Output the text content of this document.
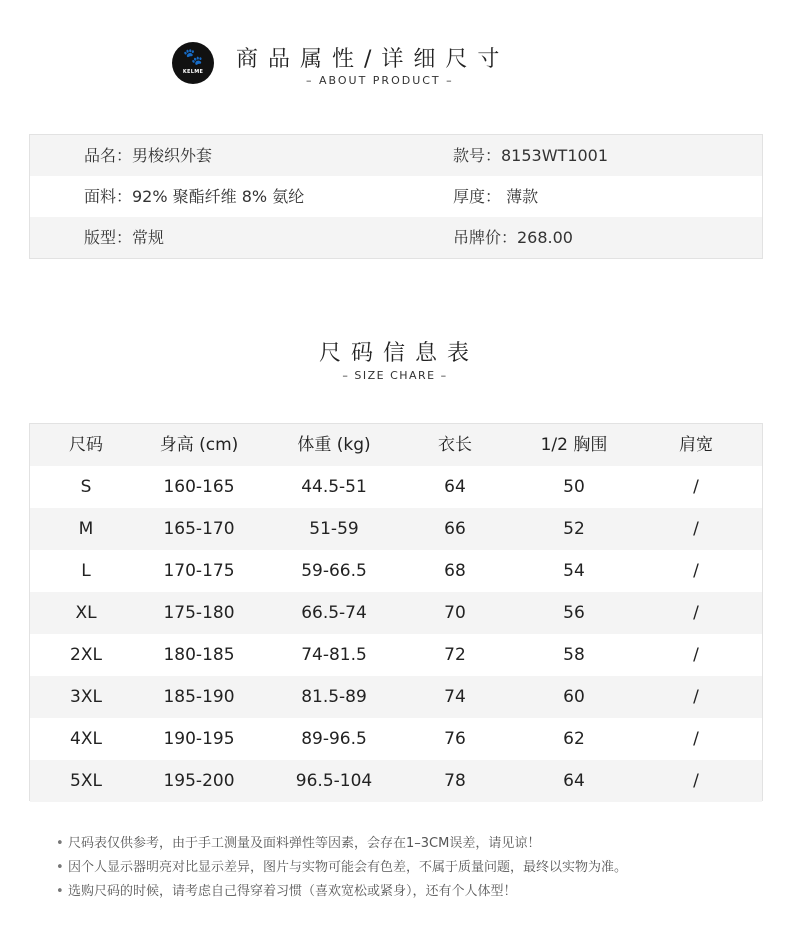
🐾
KELME	商品属性/详细尺寸
– ABOUT PRODUCT –
品名：男梭织外套	款号：8153WT1001
面料：92% 聚酯纤维 8% 氨纶	厚度： 薄款
版型：常规	吊牌价：268.00
尺码信息表
– SIZE CHARE –
尺码	身高 (cm)	体重 (kg)	衣长	1/2 胸围	肩宽
S	160-165	44.5-51	64	50	/
M	165-170	51-59	66	52	/
L	170-175	59-66.5	68	54	/
XL	175-180	66.5-74	70	56	/
2XL	180-185	74-81.5	72	58	/
3XL	185-190	81.5-89	74	60	/
4XL	190-195	89-96.5	76	62	/
5XL	195-200	96.5-104	78	64	/
• 尺码表仅供参考，由于手工测量及面料弹性等因素，会存在1–3CM误差，请见谅！
• 因个人显示器明亮对比显示差异，图片与实物可能会有色差，不属于质量问题，最终以实物为准。
• 选购尺码的时候，请考虑自己得穿着习惯（喜欢宽松或紧身），还有个人体型！
